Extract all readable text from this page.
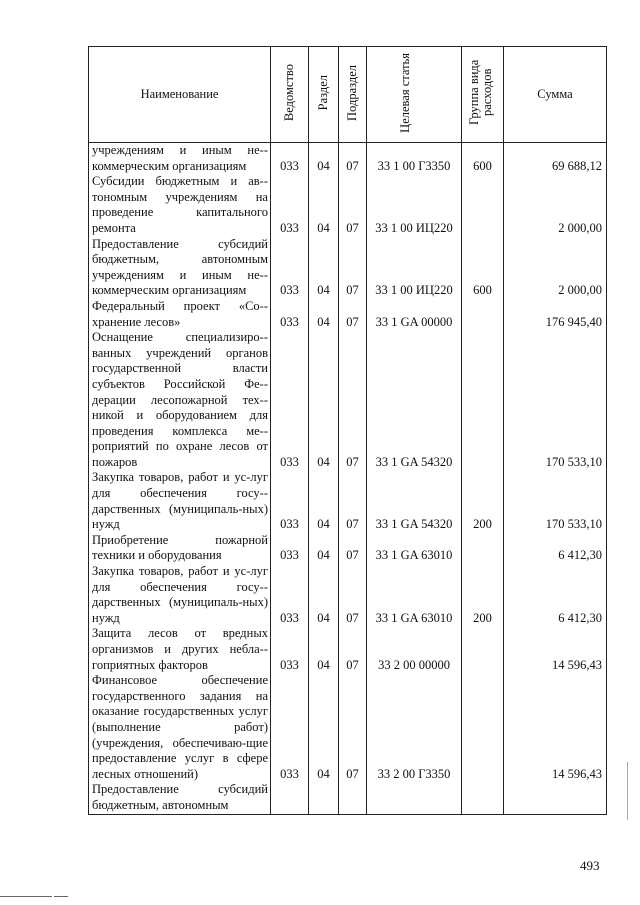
Наименование	Ведомство	Раздел	Подраздел	Целевая статья	Группа вида расходов	Сумма
учреждениям и иным не-коммерческим организациям	033	04	07	33 1 00 Г3350	600	69 688,12
Субсидии бюджетным и ав-тономным учреждениям на проведение капитального ремонта	033	04	07	33 1 00 ИЦ220		2 000,00
Предоставление субсидий бюджетным, автономным учреждениям и иным не-коммерческим организациям	033	04	07	33 1 00 ИЦ220	600	2 000,00
Федеральный проект «Со-хранение лесов»	033	04	07	33 1 GA 00000		176 945,40
Оснащение специализиро-ванных учреждений органов государственной власти субъектов Российской Фе-дерации лесопожарной тех-никой и оборудованием для проведения комплекса ме-роприятий по охране лесов от пожаров	033	04	07	33 1 GA 54320		170 533,10
Закупка товаров, работ и ус-луг для обеспечения госу-дарственных (муниципаль-ных) нужд	033	04	07	33 1 GA 54320	200	170 533,10
Приобретение пожарной техники и оборудования	033	04	07	33 1 GA 63010		6 412,30
Закупка товаров, работ и ус-луг для обеспечения госу-дарственных (муниципаль-ных) нужд	033	04	07	33 1 GA 63010	200	6 412,30
Защита лесов от вредных организмов и других небла-гоприятных факторов	033	04	07	33 2 00 00000		14 596,43
Финансовое обеспечение государственного задания на оказание государственных услуг (выполнение работ) (учреждения, обеспечиваю-щие предоставление услуг в сфере лесных отношений)	033	04	07	33 2 00 Г3350		14 596,43
Предоставление субсидий бюджетным, автономным						
493
